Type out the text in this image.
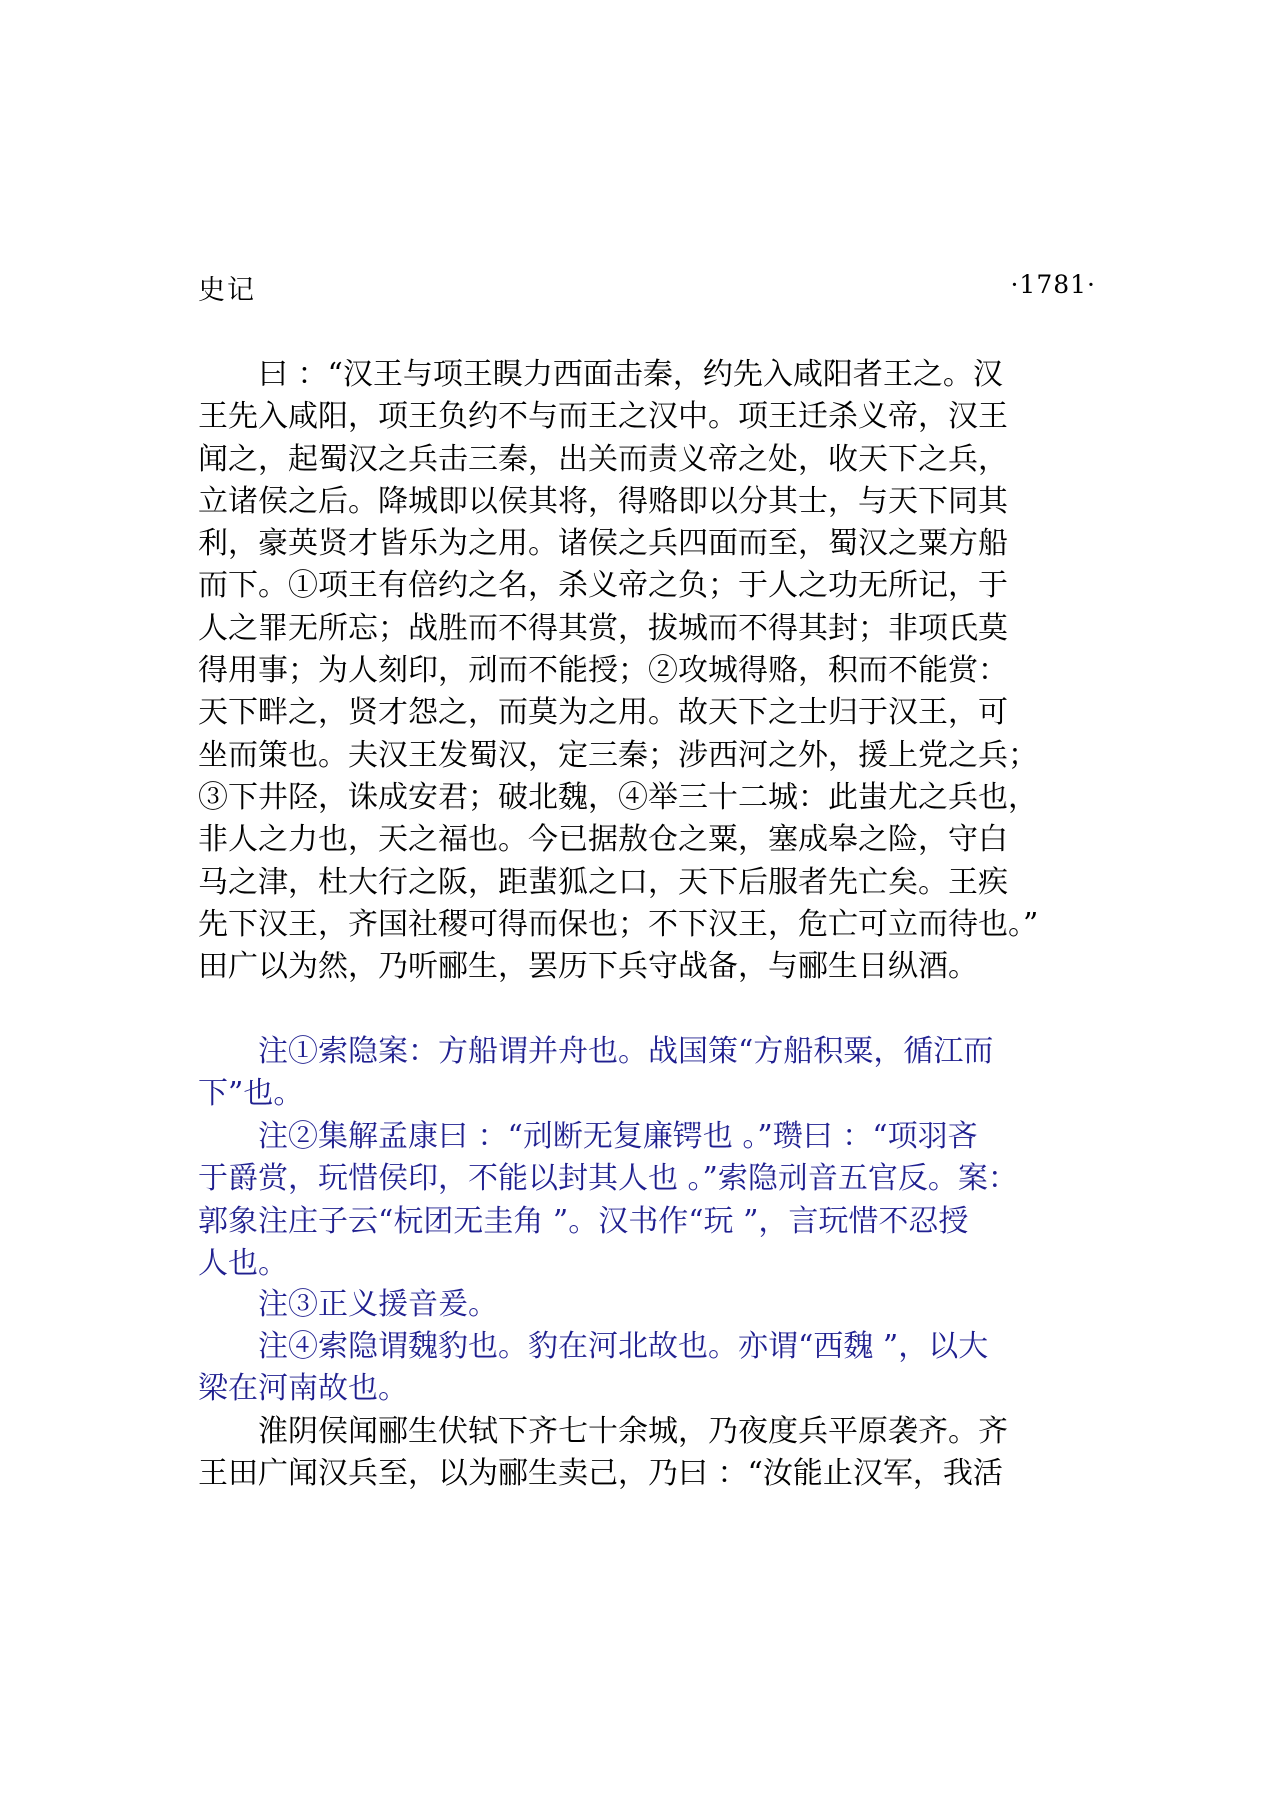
史记	·1781·

　　曰 ：“汉王与项王瞁力西面击秦，约先入咸阳者王之。汉
王先入咸阳，项王负约不与而王之汉中。项王迁杀义帝，汉王
闻之，起蜀汉之兵击三秦，出关而责义帝之处，收天下之兵，
立诸侯之后。降城即以侯其将，得赂即以分其士，与天下同其
利，豪英贤才皆乐为之用。诸侯之兵四面而至，蜀汉之粟方船
而下。①项王有倍约之名，杀义帝之负；于人之功无所记，于
人之罪无所忘；战胜而不得其赏，拔城而不得其封；非项氏莫
得用事；为人刻印，刓而不能授；②攻城得赂，积而不能赏：
天下畔之，贤才怨之，而莫为之用。故天下之士归于汉王，可
坐而策也。夫汉王发蜀汉，定三秦；涉西河之外，援上党之兵；
③下井陉，诛成安君；破北魏，④举三十二城：此蚩尤之兵也，
非人之力也，天之福也。今已据敖仓之粟，塞成皋之险，守白
马之津，杜大行之阪，距蜚狐之口，天下后服者先亡矣。王疾
先下汉王，齐国社稷可得而保也；不下汉王，危亡可立而待也。”
田广以为然，乃听郦生，罢历下兵守战备，与郦生日纵酒。

　　注①索隐案：方船谓并舟也。战国策“方船积粟，循江而
下”也。

　　注②集解孟康曰 ：“刓断无复廉锷也 。”瓒曰 ：“项羽吝
于爵赏，玩惜侯印，不能以封其人也 。”索隐刓音五官反。案：
郭象注庄子云“杬团无圭角 ”。汉书作“玩 ”，言玩惜不忍授
人也。

　　注③正义援音爰。

　　注④索隐谓魏豹也。豹在河北故也。亦谓“西魏 ”，以大
梁在河南故也。

　　淮阴侯闻郦生伏轼下齐七十余城，乃夜度兵平原袭齐。齐
王田广闻汉兵至，以为郦生卖己，乃曰 ：“汝能止汉军，我活
